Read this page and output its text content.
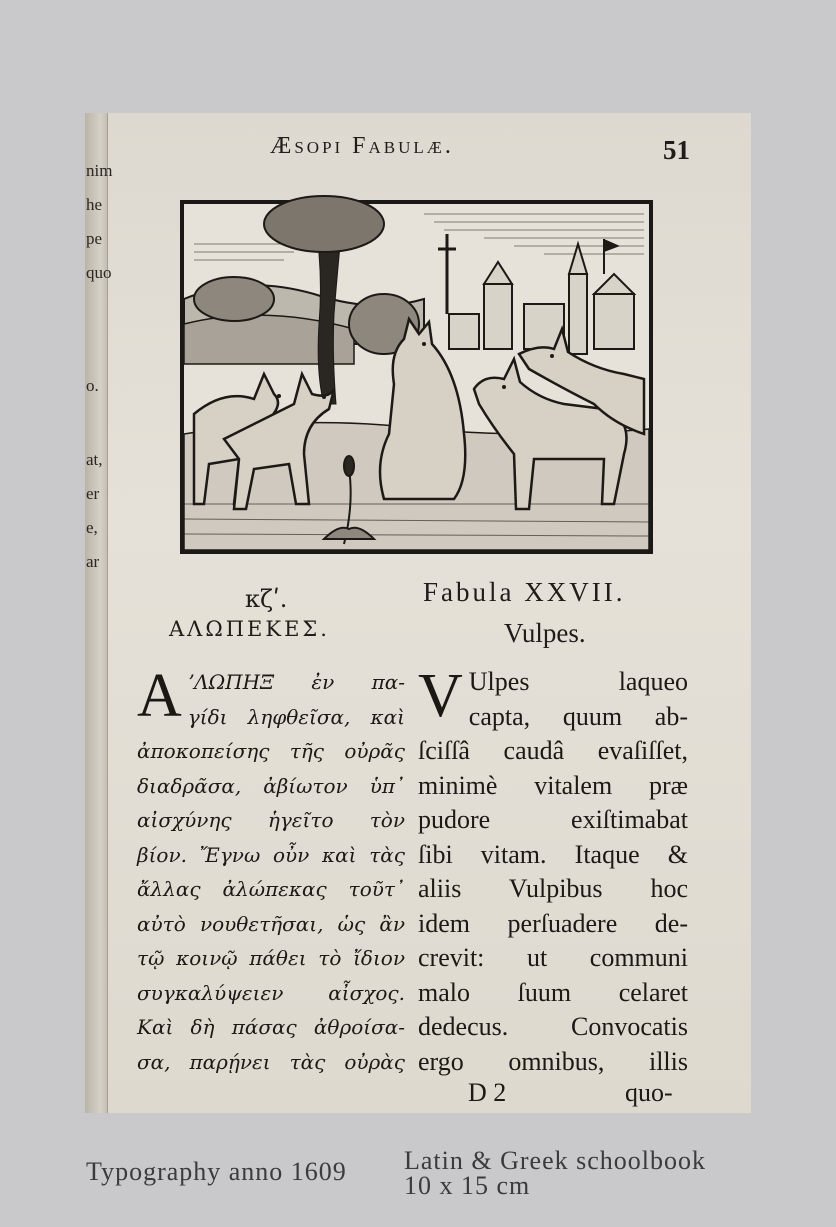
nim
he
pe
quo
o.
at,
er
e,
ar
Æsopi Fabulæ.	51
κζʹ.	Fabula XXVII.
ΑΛΩΠΕΚΕΣ.	Vulpes.
Α ʼΛΩΠΗΞ ἐν πα-
γίδι ληφθεῖσα, καὶ
ἀποκοπείσης τῆς οὐρᾶς
διαδρᾶσα, ἀβίωτον ὑπ᾽
αἰσχύνης ἡγεῖτο τὸν
βίον. Ἔγνω οὖν καὶ τὰς
ἄλλας ἀλώπεκας τοῦτ᾽
αὐτὸ νουθετῆσαι, ὡς ἂν
τῷ κοινῷ πάθει τὸ ἴδιον
συγκαλύψειεν αἶσχος.
Καὶ δὴ πάσας ἀθροίσα-
σα, παρῄνει τὰς οὐρὰς
V Ulpes laqueo
capta, quum ab-
ſciſſâ caudâ evaſiſſet,
minimè vitalem præ
pudore exiſtimabat
ſibi vitam. Itaque &
aliis Vulpibus hoc
idem perſuadere de-
crevit: ut communi
malo ſuum celaret
dedecus. Convocatis
ergo omnibus, illis
D 2	quo-
Typography anno 1609 Latin & Greek schoolbook
10 x 15 cm
